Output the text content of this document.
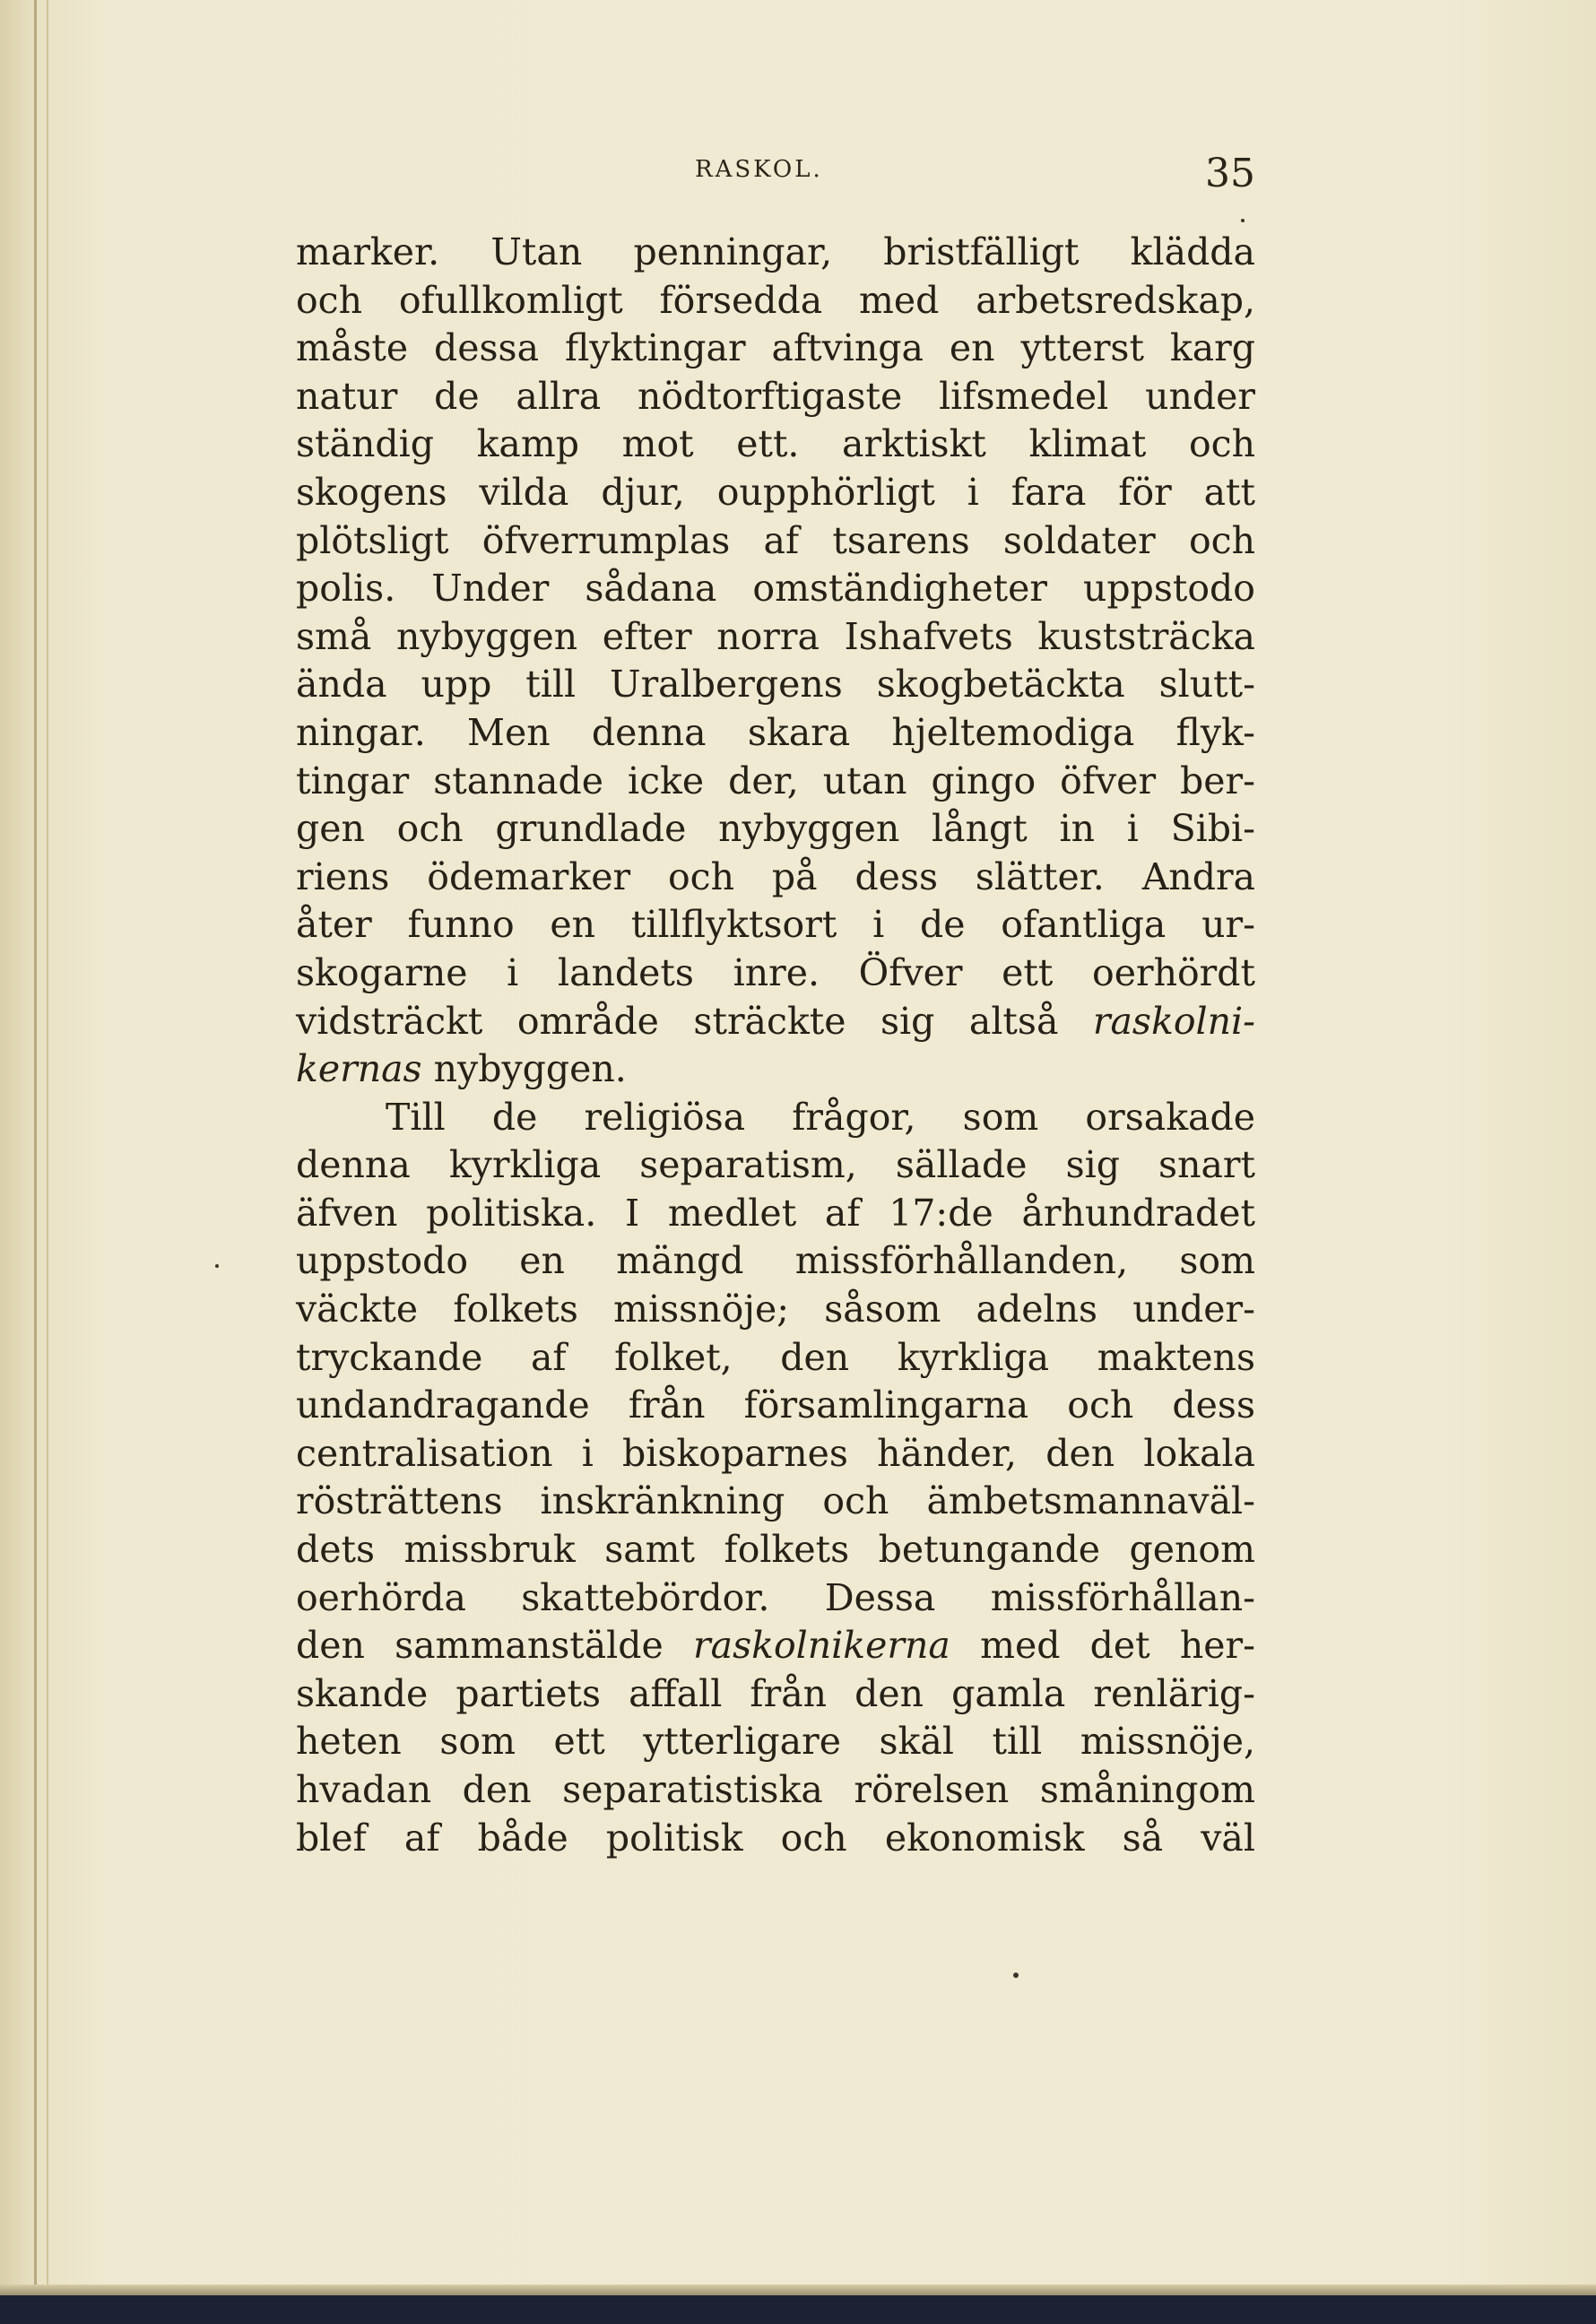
RASKOL.	35
marker. Utan penningar, bristfälligt klädda
och ofullkomligt försedda med arbetsredskap,
måste dessa flyktingar aftvinga en ytterst karg
natur de allra nödtorftigaste lifsmedel under
ständig kamp mot ett. arktiskt klimat och
skogens vilda djur, oupphörligt i fara för att
plötsligt öfverrumplas af tsarens soldater och
polis. Under sådana omständigheter uppstodo
små nybyggen efter norra Ishafvets kuststräcka
ända upp till Uralbergens skogbetäckta slutt-
ningar. Men denna skara hjeltemodiga flyk-
tingar stannade icke der, utan gingo öfver ber-
gen och grundlade nybyggen långt in i Sibi-
riens ödemarker och på dess slätter. Andra
åter funno en tillflyktsort i de ofantliga ur-
skogarne i landets inre. Öfver ett oerhördt
vidsträckt område sträckte sig altså raskolni-
kernas nybyggen.
Till de religiösa frågor, som orsakade
denna kyrkliga separatism, sällade sig snart
äfven politiska. I medlet af 17:de århundradet
uppstodo en mängd missförhållanden, som
väckte folkets missnöje; såsom adelns under-
tryckande af folket, den kyrkliga maktens
undandragande från församlingarna och dess
centralisation i biskoparnes händer, den lokala
rösträttens inskränkning och ämbetsmannaväl-
dets missbruk samt folkets betungande genom
oerhörda skattebördor. Dessa missförhållan-
den sammanstälde raskolnikerna med det her-
skande partiets affall från den gamla renlärig-
heten som ett ytterligare skäl till missnöje,
hvadan den separatistiska rörelsen småningom
blef af både politisk och ekonomisk så väl
